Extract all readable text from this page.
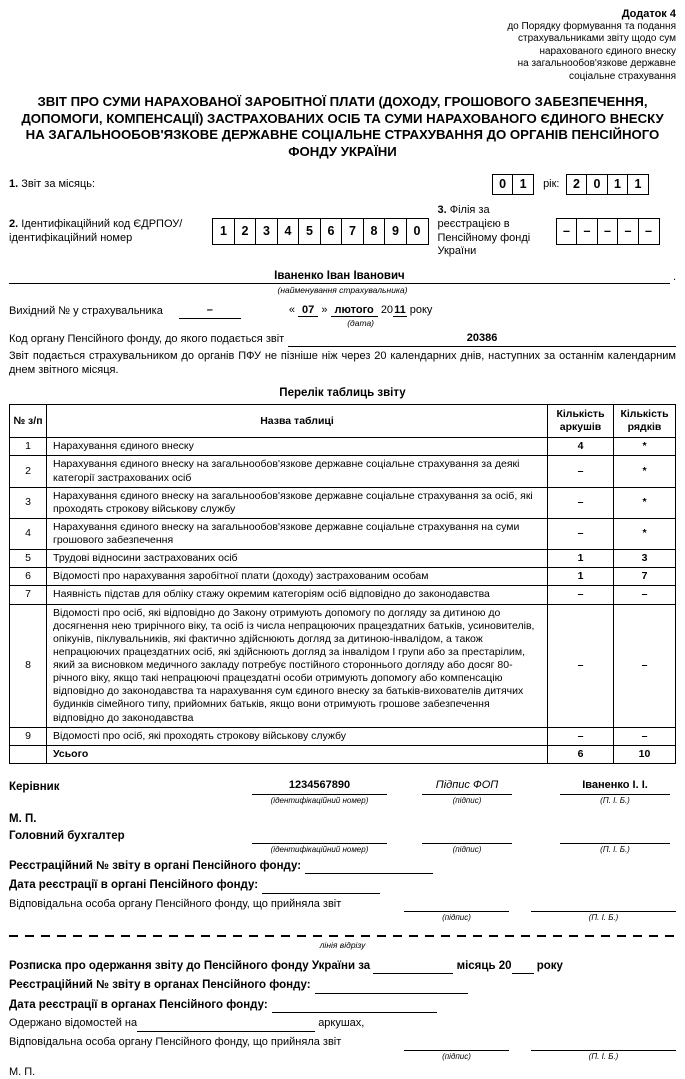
Додаток 4
до Порядку формування та подання
страхувальниками звіту щодо сум
нарахованого єдиного внеску
на загальнообов'язкове державне
соціальне страхування
ЗВІТ ПРО СУМИ НАРАХОВАНОЇ ЗАРОБІТНОЇ ПЛАТИ (ДОХОДУ, ГРОШОВОГО ЗАБЕЗПЕЧЕННЯ, ДОПОМОГИ, КОМПЕНСАЦІЇ) ЗАСТРАХОВАНИХ ОСІБ ТА СУМИ НАРАХОВАНОГО ЄДИНОГО ВНЕСКУ НА ЗАГАЛЬНООБОВ'ЯЗКОВЕ ДЕРЖАВНЕ СОЦІАЛЬНЕ СТРАХУВАННЯ ДО ОРГАНІВ ПЕНСІЙНОГО ФОНДУ УКРАЇНИ
1. Звіт за місяць:	0	1	рік:	2	0	1	1
2. Ідентифікаційний код ЄДРПОУ/ ідентифікаційний номер	1	2	3	4	5	6	7	8	9	0
3. Філія за реєстрацією в Пенсійному фонді України
–	–	–	–	–
Іваненко Іван Іванович	.
(найменування страхувальника)
Вихідний № у страхувальника	–	« 07 » лютого 2011 року
(дата)
Код органу Пенсійного фонду, до якого подається звіт	20386
Звіт подається страхувальником до органів ПФУ не пізніше ніж через 20 календарних днів, наступних за останнім календарним днем звітного місяця.
Перелік таблиць звіту
№ з/п	Назва таблиці	Кількість аркушів	Кількість рядків
1	Нарахування єдиного внеску	4	*
2	Нарахування єдиного внеску на загальнообов'язкове державне соціальне страхування за деякі категорії застрахованих осіб	–	*
3	Нарахування єдиного внеску на загальнообов'язкове державне соціальне страхування за осіб, які проходять строкову військову службу	–	*
4	Нарахування єдиного внеску на загальнообов'язкове державне соціальне страхування на суми грошового забезпечення	–	*
5	Трудові відносини застрахованих осіб	1	3
6	Відомості про нарахування заробітної плати (доходу) застрахованим особам	1	7
7	Наявність підстав для обліку стажу окремим категоріям осіб відповідно до законодавства	–	–
8	Відомості про осіб, які відповідно до Закону отримують допомогу по догляду за дитиною до досягнення нею трирічного віку, та осіб із числа непрацюючих працездатних батьків, усиновителів, опікунів, піклувальників, які фактично здійснюють догляд за дитиною-інвалідом, а також непрацюючих працездатних осіб, які здійснюють догляд за інвалідом І групи або за престарілим, який за висновком медичного закладу потребує постійного стороннього догляду або досяг 80-річного віку, якщо такі непрацюючі працездатні особи отримують допомогу або компенсацію відповідно до законодавства та нарахування сум єдиного внеску за батьків-вихователів дитячих будинків сімейного типу, прийомних батьків, якщо вони отримують грошове забезпечення відповідно до законодавства	–	–
9	Відомості про осіб, які проходять строкову військову службу	–	–
	Усього	6	10
Керівник	1234567890
(ідентифікаційний номер)
Підпис ФОП
(підпис)
Іваненко І. І.
(П. І. Б.)
М. П.
Головний бухгалтер

(ідентифікаційний номер)
	(підпис)
	(П. І. Б.)
Реєстраційний № звіту в органі Пенсійного фонду:
Дата реєстрації в органі Пенсійного фонду:
Відповідальна особа органу Пенсійного фонду, що прийняла звіт

(підпис)
	(П. І. Б.)
лінія відрізу
Розписка про одержання звіту до Пенсійного фонду України за	місяць 20 року
Реєстраційний № звіту в органах Пенсійного фонду:
Дата реєстрації в органах Пенсійного фонду:
Одержано відомостей на	аркушах,
Відповідальна особа органу Пенсійного фонду, що прийняла звіт

(підпис)
	(П. І. Б.)
М. П.
